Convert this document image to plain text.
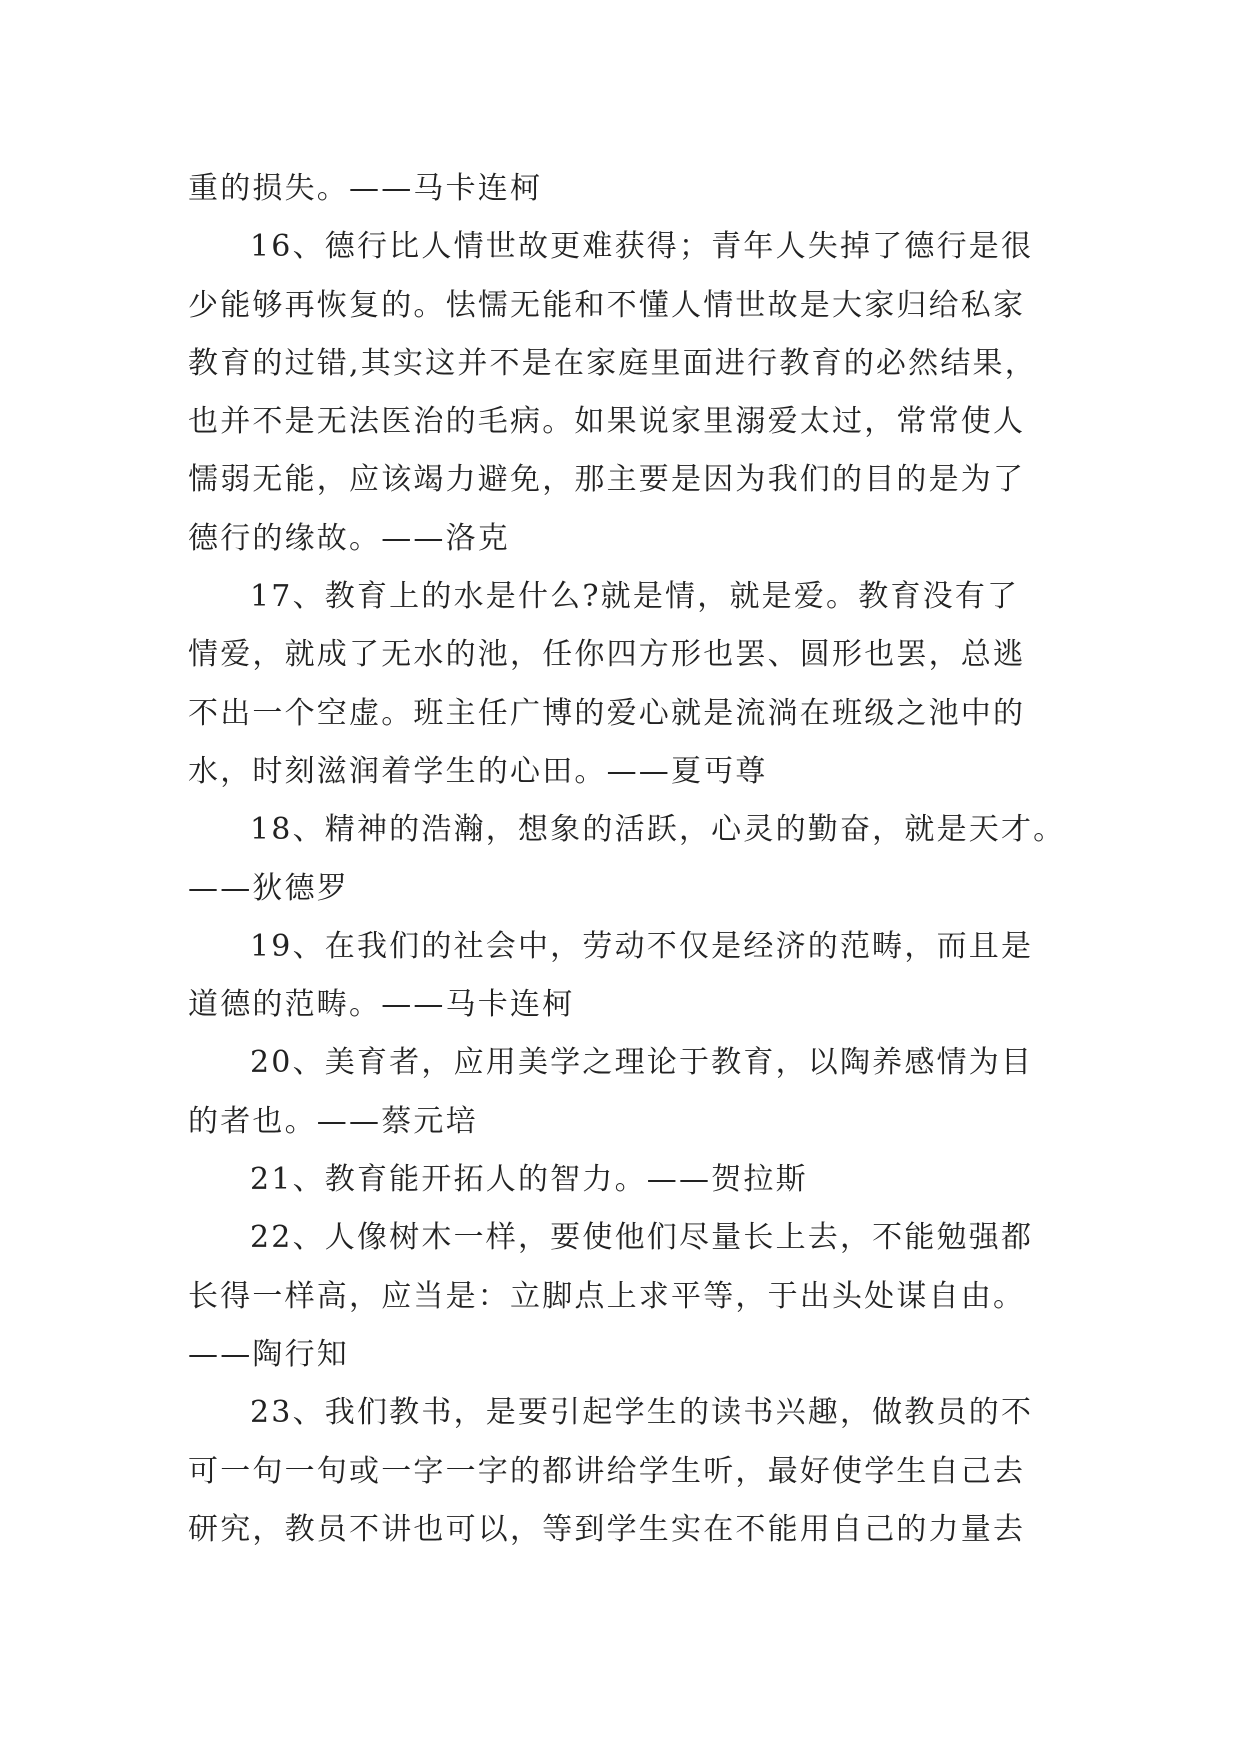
重的损失。——马卡连柯
16、德行比人情世故更难获得；青年人失掉了德行是很
少能够再恢复的。怯懦无能和不懂人情世故是大家归给私家
教育的过错,其实这并不是在家庭里面进行教育的必然结果，
也并不是无法医治的毛病。如果说家里溺爱太过，常常使人
懦弱无能，应该竭力避免，那主要是因为我们的目的是为了
德行的缘故。——洛克
17、教育上的水是什么?就是情，就是爱。教育没有了
情爱，就成了无水的池，任你四方形也罢、圆形也罢，总逃
不出一个空虚。班主任广博的爱心就是流淌在班级之池中的
水，时刻滋润着学生的心田。——夏丏尊
18、精神的浩瀚，想象的活跃，心灵的勤奋，就是天才。
——狄德罗
19、在我们的社会中，劳动不仅是经济的范畴，而且是
道德的范畴。——马卡连柯
20、美育者，应用美学之理论于教育，以陶养感情为目
的者也。——蔡元培
21、教育能开拓人的智力。——贺拉斯
22、人像树木一样，要使他们尽量长上去，不能勉强都
长得一样高，应当是：立脚点上求平等，于出头处谋自由。
——陶行知
23、我们教书，是要引起学生的读书兴趣，做教员的不
可一句一句或一字一字的都讲给学生听，最好使学生自己去
研究，教员不讲也可以，等到学生实在不能用自己的力量去
